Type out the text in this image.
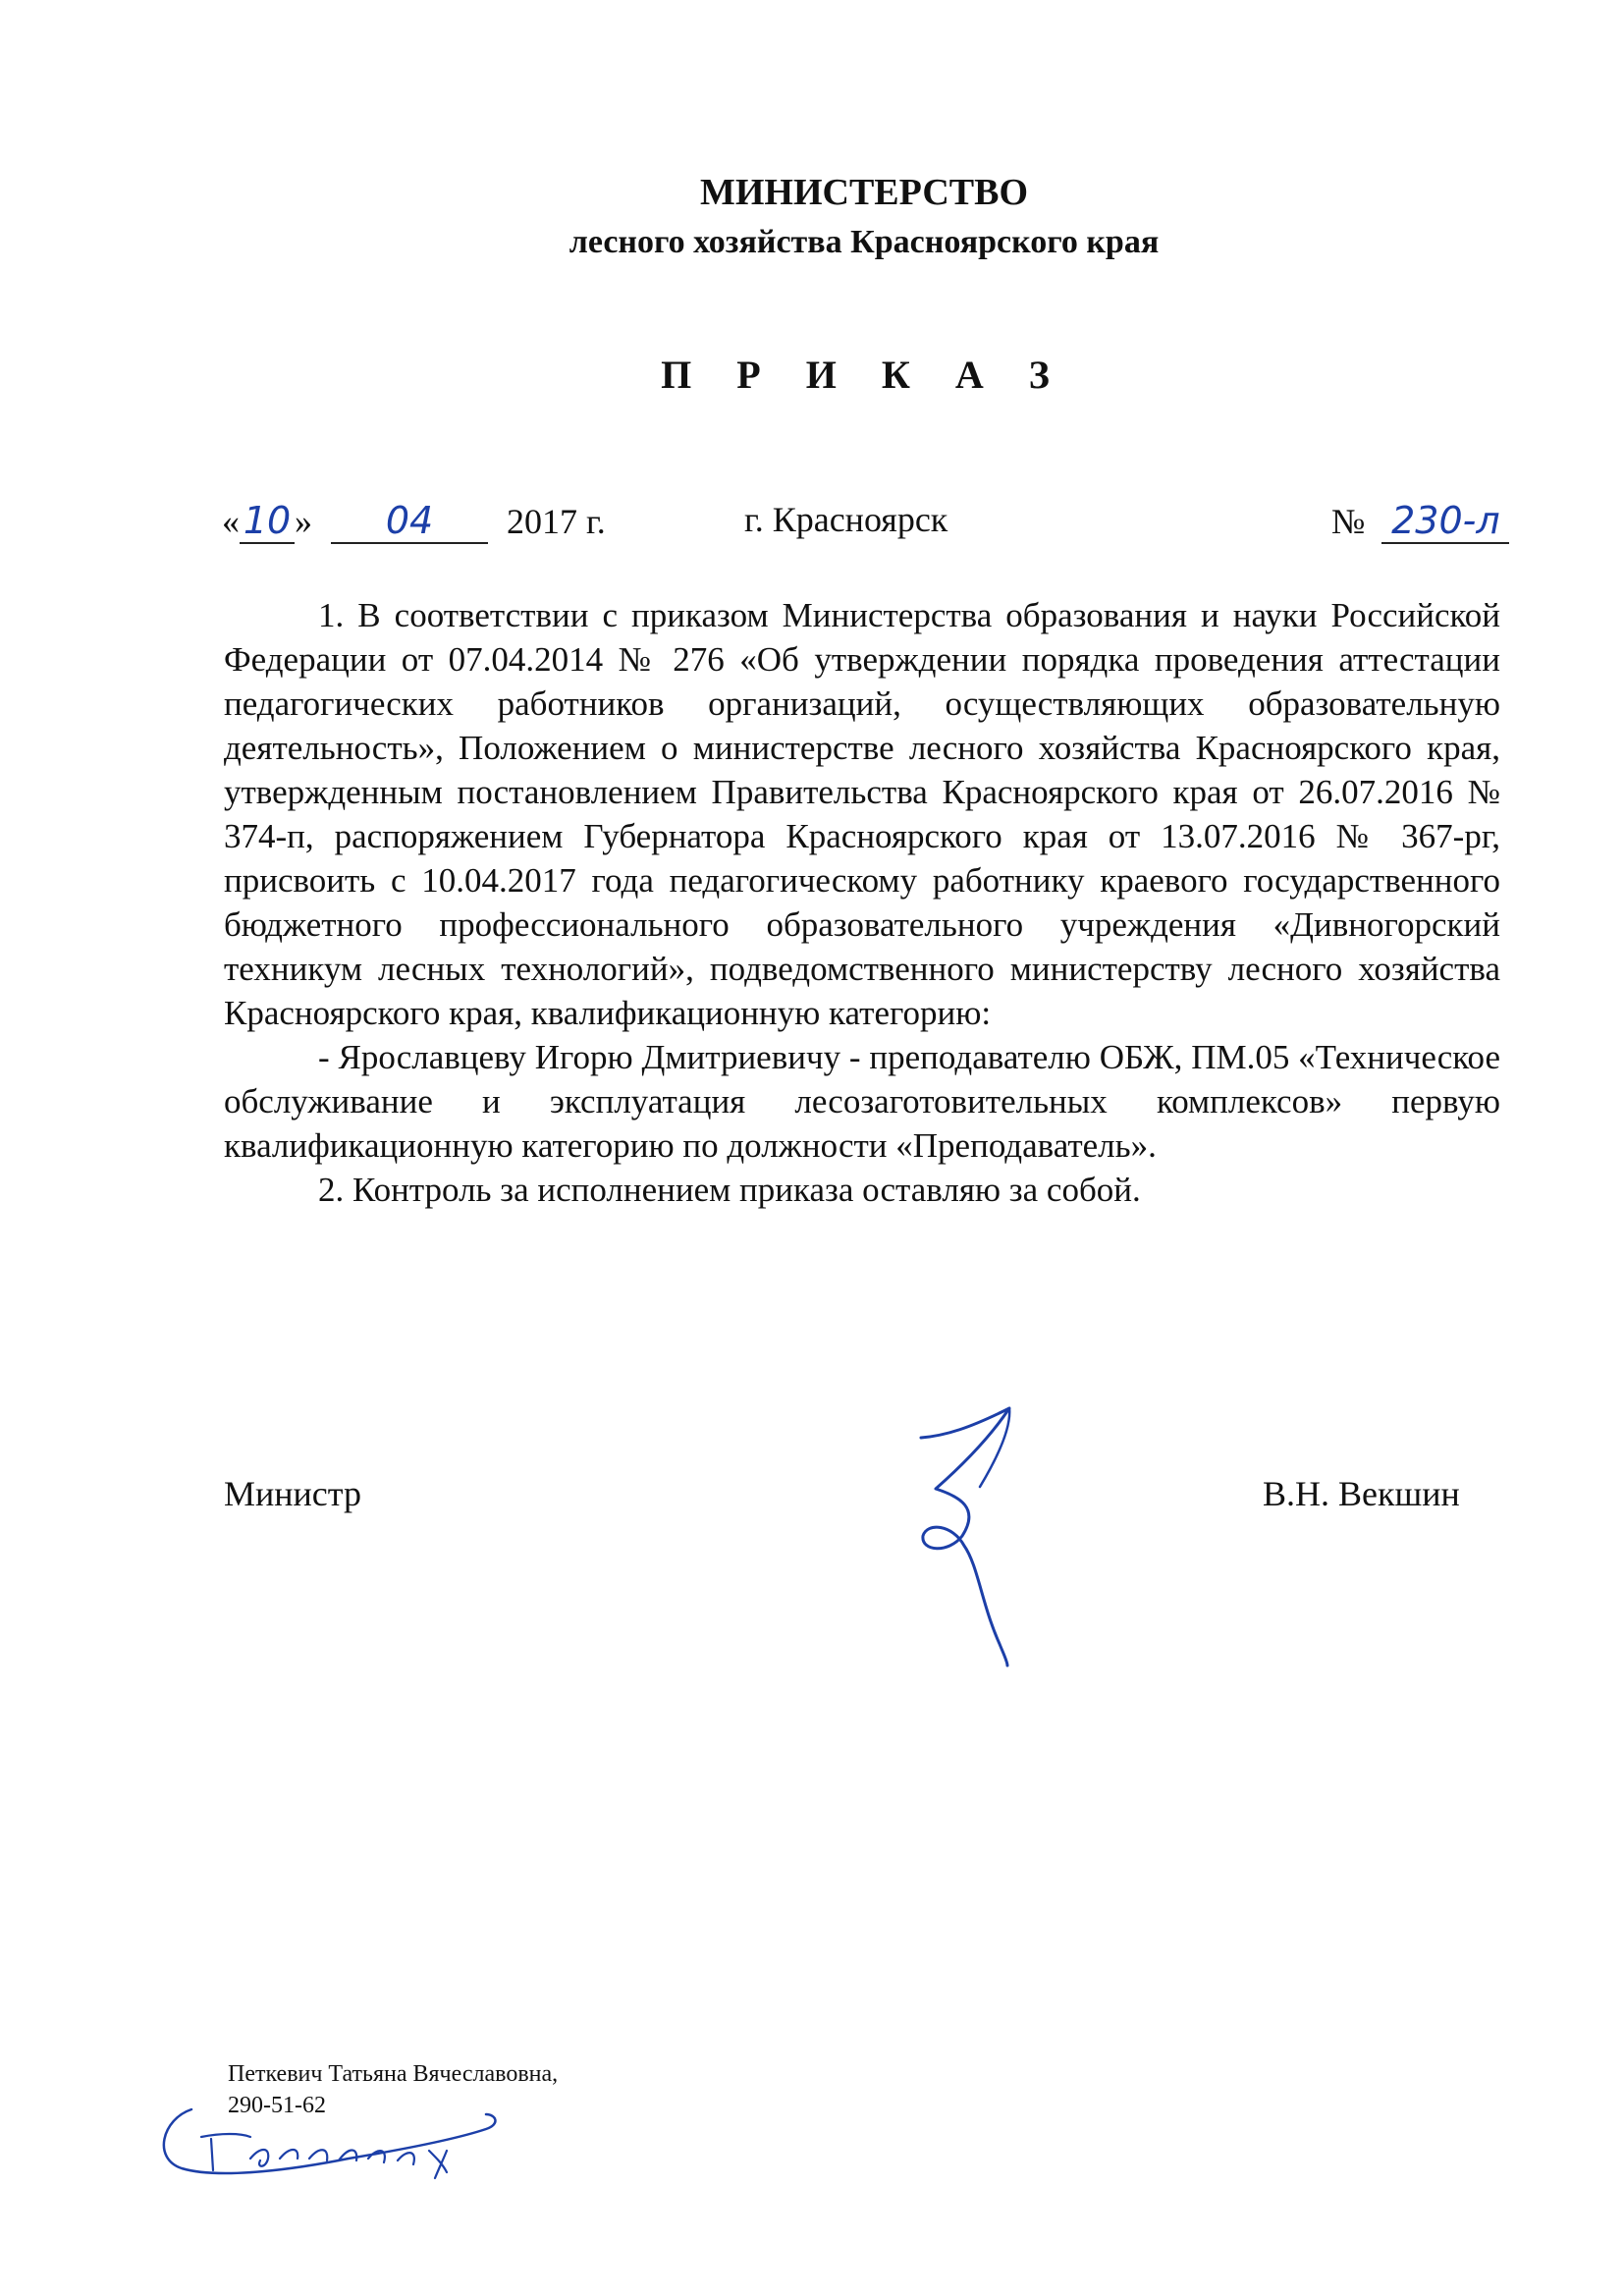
МИНИСТЕРСТВО
лесного хозяйства Красноярского края
П Р И К А З
« 10 » 04 2017 г.	г. Красноярск	№ 230-л

1. В соответствии с приказом Министерства образования и науки Российской Федерации от 07.04.2014 № 276 «Об утверждении порядка проведения аттестации педагогических работников организаций, осуществляющих образовательную деятельность», Положением о министерстве лесного хозяйства Красноярского края, утвержденным постановлением Правительства Красноярского края от 26.07.2016 № 374-п, распоряжением Губернатора Красноярского края от 13.07.2016 № 367-рг, присвоить с 10.04.2017 года педагогическому работнику краевого государственного бюджетного профессионального образовательного учреждения «Дивногорский техникум лесных технологий», подведомственного министерству лесного хозяйства Красноярского края, квалификационную категорию:

- Ярославцеву Игорю Дмитриевичу - преподавателю ОБЖ, ПМ.05 «Техническое обслуживание и эксплуатация лесозаготовительных комплексов» первую квалификационную категорию по должности «Преподаватель».

2. Контроль за исполнением приказа оставляю за собой.

Министр	В.Н. Векшин
Петкевич Татьяна Вячеславовна,
290-51-62
